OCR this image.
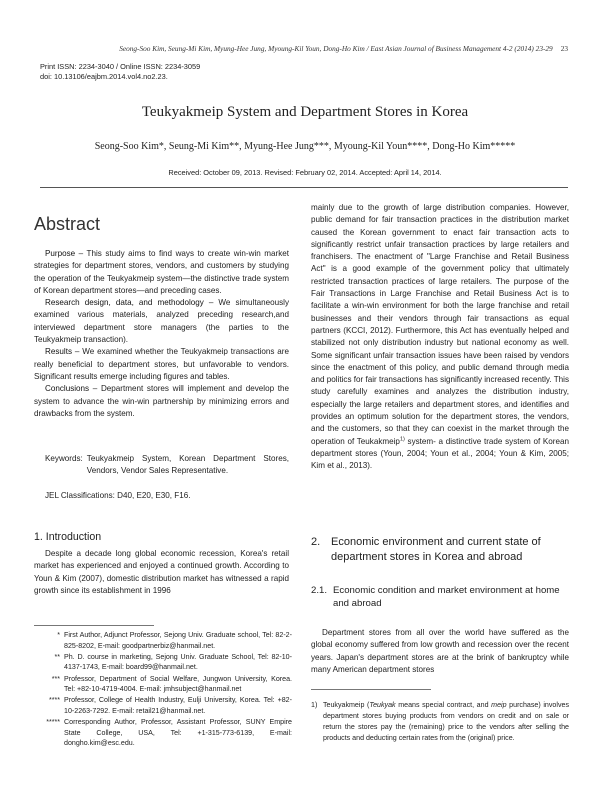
Seong-Soo Kim, Seung-Mi Kim, Myung-Hee Jung, Myoung-Kil Youn, Dong-Ho Kim / East Asian Journal of Business Management 4-2 (2014) 23-29 23
Print ISSN: 2234-3040 / Online ISSN: 2234-3059
doi: 10.13106/eajbm.2014.vol4.no2.23.
Teukyakmeip System and Department Stores in Korea
Seong-Soo Kim*, Seung-Mi Kim**, Myung-Hee Jung***, Myoung-Kil Youn****, Dong-Ho Kim*****
Received: October 09, 2013. Revised: February 02, 2014. Accepted: April 14, 2014.
Abstract

Purpose – This study aims to find ways to create win-win market strategies for department stores, vendors, and customers by studying the operation of the Teukyakmeip system—the distinctive trade system of Korean department stores—and preceding cases.

Research design, data, and methodology – We simultaneously examined various materials, analyzed preceding research,and interviewed department store managers (the parties to the Teukyakmeip transaction).

Results – We examined whether the Teukyakmeip transactions are really beneficial to department stores, but unfavorable to vendors. Significant results emerge including figures and tables.

Conclusions – Department stores will implement and develop the system to advance the win-win partnership by minimizing errors and drawbacks from the system.

Keywords: Teukyakmeip System, Korean Department Stores, Vendors, Vendor Sales Representative.
JEL Classifications: D40, E20, E30, F16.
1. Introduction

Despite a decade long global economic recession, Korea's retail market has experienced and enjoyed a continued growth. According to Youn & Kim (2007), domestic distribution market has witnessed a rapid growth since its establishment in 1996

* First Author, Adjunct Professor, Sejong Univ. Graduate school, Tel: 82-2-825-8202, E-mail: goodpartnerbiz@hanmail.net.
** Ph. D. course in marketing, Sejong Univ. Graduate School, Tel: 82-10-4137-1743, E-mail: board99@hanmail.net.
*** Professor, Department of Social Welfare, Jungwon University, Korea. Tel: +82-10-4719-4004. E-mail: jmhsubject@hanmail.net
**** Professor, College of Health Industry, Eulji University, Korea. Tel: +82-10-2263-7292. E-mail: retail21@hanmail.net.
***** Corresponding Author, Professor, Assistant Professor, SUNY Empire State College, USA, Tel: +1-315-773-6139, E-mail: dongho.kim@esc.edu.

mainly due to the growth of large distribution companies. However, public demand for fair transaction practices in the distribution market caused the Korean government to enact fair transaction acts to significantly restrict unfair transaction practices by large retailers and franchisers. The enactment of "Large Franchise and Retail Business Act" is a good example of the government policy that ultimately restricted transaction practices of large retailers. The purpose of the Fair Transactions in Large Franchise and Retail Business Act is to facilitate a win-win environment for both the large franchise and retail businesses and their vendors through fair transactions as equal partners (KCCI, 2012). Furthermore, this Act has eventually helped and stabilized not only distribution industry but national economy as well. Some significant unfair transaction issues have been raised by vendors since the enactment of this policy, and public demand through media and politics for fair transactions has significantly increased recently. This study carefully examines and analyzes the distribution industry, especially the large retailers and department stores, and identifies and provides an optimum solution for the department stores, the vendors, and the customers, so that they can coexist in the market through the operation of Teukakmeip$^{1)}$ system- a distinctive trade system of Korean department stores (Youn, 2004; Youn et al., 2004; Youn & Kim, 2005; Kim et al., 2013).

2. Economic environment and current state of department stores in Korea and abroad
2.1. Economic condition and market environment at home and abroad

Department stores from all over the world have suffered as the global economy suffered from low growth and recession over the recent years. Japan's department stores are at the brink of bankruptcy while many American department stores

1) Teukyakmeip (Teukyak means special contract, and meip purchase) involves department stores buying products from vendors on credit and on sale or return the stores pay the (remaining) price to the vendors after selling the products and deducting certain rates from the (original) price.
